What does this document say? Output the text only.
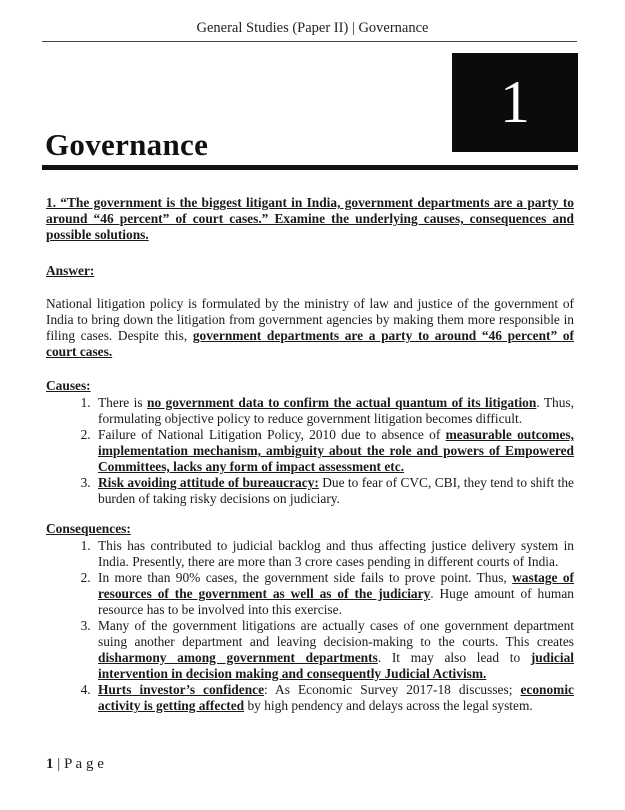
General Studies (Paper II) | Governance
1
Governance

1. “The government is the biggest litigant in India, government departments are a party to around “46 percent” of court cases.” Examine the underlying causes, consequences and possible solutions.

Answer:

National litigation policy is formulated by the ministry of law and justice of the government of India to bring down the litigation from government agencies by making them more responsible in filing cases. Despite this, government departments are a party to around “46 percent” of court cases.

Causes:

1. There is no government data to confirm the actual quantum of its litigation. Thus, formulating objective policy to reduce government litigation becomes difficult.
2. Failure of National Litigation Policy, 2010 due to absence of measurable outcomes, implementation mechanism, ambiguity about the role and powers of Empowered Committees, lacks any form of impact assessment etc.
3. Risk avoiding attitude of bureaucracy: Due to fear of CVC, CBI, they tend to shift the burden of taking risky decisions on judiciary.

Consequences:

1. This has contributed to judicial backlog and thus affecting justice delivery system in India. Presently, there are more than 3 crore cases pending in different courts of India.
2. In more than 90% cases, the government side fails to prove point. Thus, wastage of resources of the government as well as of the judiciary. Huge amount of human resource has to be involved into this exercise.
3. Many of the government litigations are actually cases of one government department suing another department and leaving decision-making to the courts. This creates disharmony among government departments. It may also lead to judicial intervention in decision making and consequently Judicial Activism.
4. Hurts investor’s confidence: As Economic Survey 2017-18 discusses; economic activity is getting affected by high pendency and delays across the legal system.
1 | P a g e
